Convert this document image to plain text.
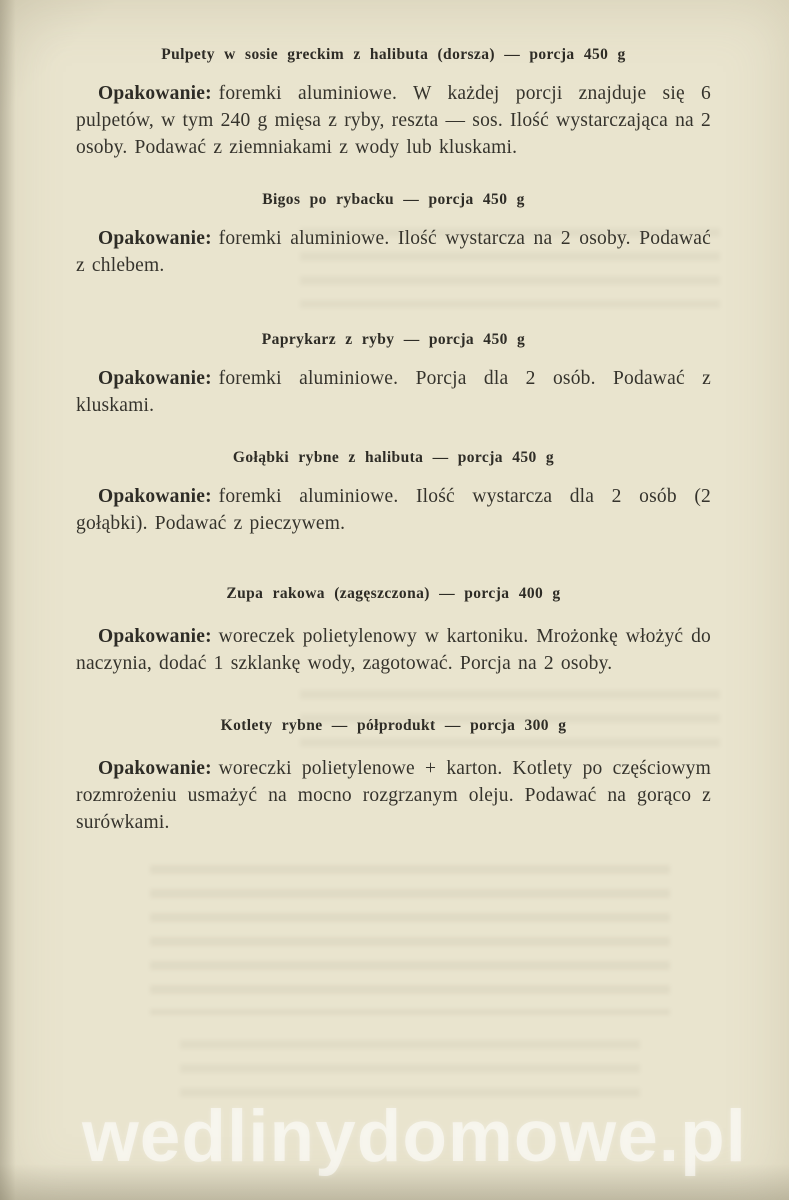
Pulpety w sosie greckim z halibuta (dorsza) — porcja 450 g

Opakowanie: foremki aluminiowe. W każdej porcji znajduje się 6 pulpetów, w tym 240 g mięsa z ryby, reszta — sos. Ilość wystarczająca na 2 osoby. Podawać z ziemniakami z wody lub kluskami.

Bigos po rybacku — porcja 450 g

Opakowanie: foremki aluminiowe. Ilość wystarcza na 2 osoby. Podawać z chlebem.

Paprykarz z ryby — porcja 450 g

Opakowanie: foremki aluminiowe. Porcja dla 2 osób. Podawać z kluskami.

Gołąbki rybne z halibuta — porcja 450 g

Opakowanie: foremki aluminiowe. Ilość wystarcza dla 2 osób (2 gołąbki). Podawać z pieczywem.

Zupa rakowa (zagęszczona) — porcja 400 g

Opakowanie: woreczek polietylenowy w kartoniku. Mrożonkę włożyć do naczynia, dodać 1 szklankę wody, zagotować. Porcja na 2 osoby.

Kotlety rybne — półprodukt — porcja 300 g

Opakowanie: woreczki polietylenowe + karton. Kotlety po częściowym rozmrożeniu usmażyć na mocno rozgrzanym oleju. Podawać na gorąco z surówkami.

wedlinydomowe.pl
